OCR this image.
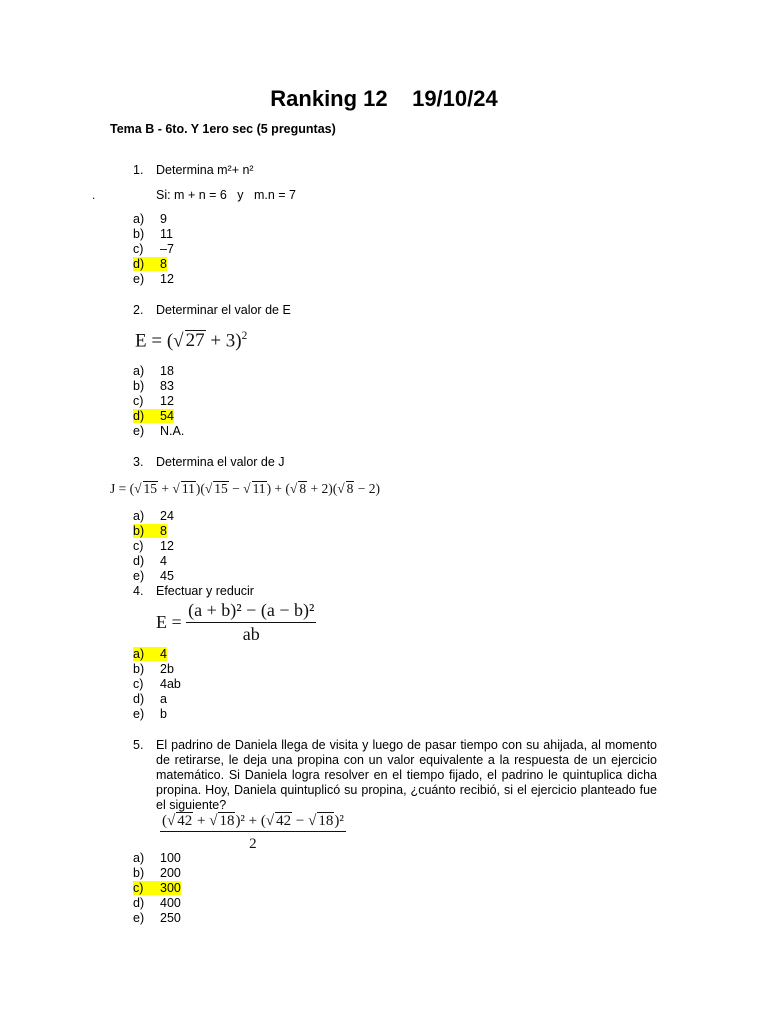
Ranking 12    19/10/24
Tema B - 6to. Y 1ero sec (5 preguntas)
.
1. Determina m²+ n²
Si: m + n = 6   y   m.n = 7
a) 9
b) 11
c) –7
d) 8
e) 12
2. Determinar el valor de E
E = (√ 27 + 3)$^2$
a) 18
b) 83
c) 12
d) 54
e) N.A.
3. Determina el valor de J
J = (√ 15 + √ 11)(√ 15 − √ 11) + (√ 8 + 2)(√ 8 − 2)
a) 24
b) 8
c) 12
d) 4
e) 45
4. Efectuar y reducir
$E = \frac{\text{(a + b)² − (a − b)²}}{ab}$
a) 4
b) 2b
c) 4ab
d) a
e) b
5. El padrino de Daniela llega de visita y luego de pasar tiempo con su ahijada, al momento de retirarse, le deja una propina con un valor equivalente a la respuesta de un ejercicio matemático. Si Daniela logra resolver en el tiempo fijado, el padrino le quintuplica dicha propina. Hoy, Daniela quintuplicó su propina, ¿cuánto recibió, si el ejercicio planteado fue el siguiente?
$\frac{\text{(√ 42 + √ 18)² + (√ 42 − √ 18)²}}{2}$
a) 100
b) 200
c) 300
d) 400
e) 250
